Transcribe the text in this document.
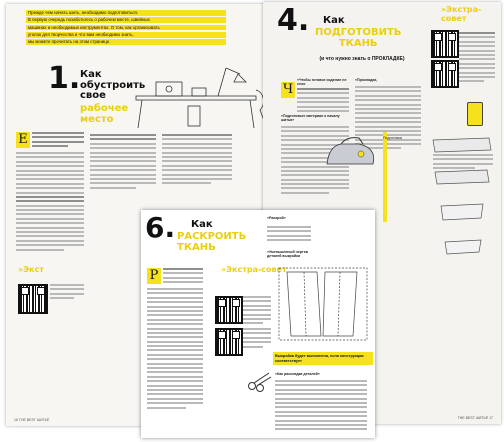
Прежде чем начать шить, необходимо подготовиться.
В первую очередь позаботьтесь о рабочем месте, швейных
машинах и необходимых инструментах. О том, как организовать
уголок для творчества и что вам необходимо знать,
мы можете прочитать на этом странице.
1. Как
обустроить
свое
рабочее
место
Е
»Экст
16 THE BEST ШИТЬЁ
4. Как
ПОДГОТОВИТЬ
ТКАНЬ
(и что нужно знать о ПРОКЛАДКЕ)
»Экстра-совет
Ч
«Чтобы готовое изделие не село
«Подготовьте материал к началу шитья»
«Прокладки,
Подготовка
THE BEST ШИТЬЁ 17
6. Как
РАСКРОИТЬ
ТКАНЬ
Р	»Экстра-совет
»Раскрой»
»Уменьшенный чертеж деталей выкройки
Выкройка будет выполнена, если конструкция соответствует
»Как раскладка деталей»
